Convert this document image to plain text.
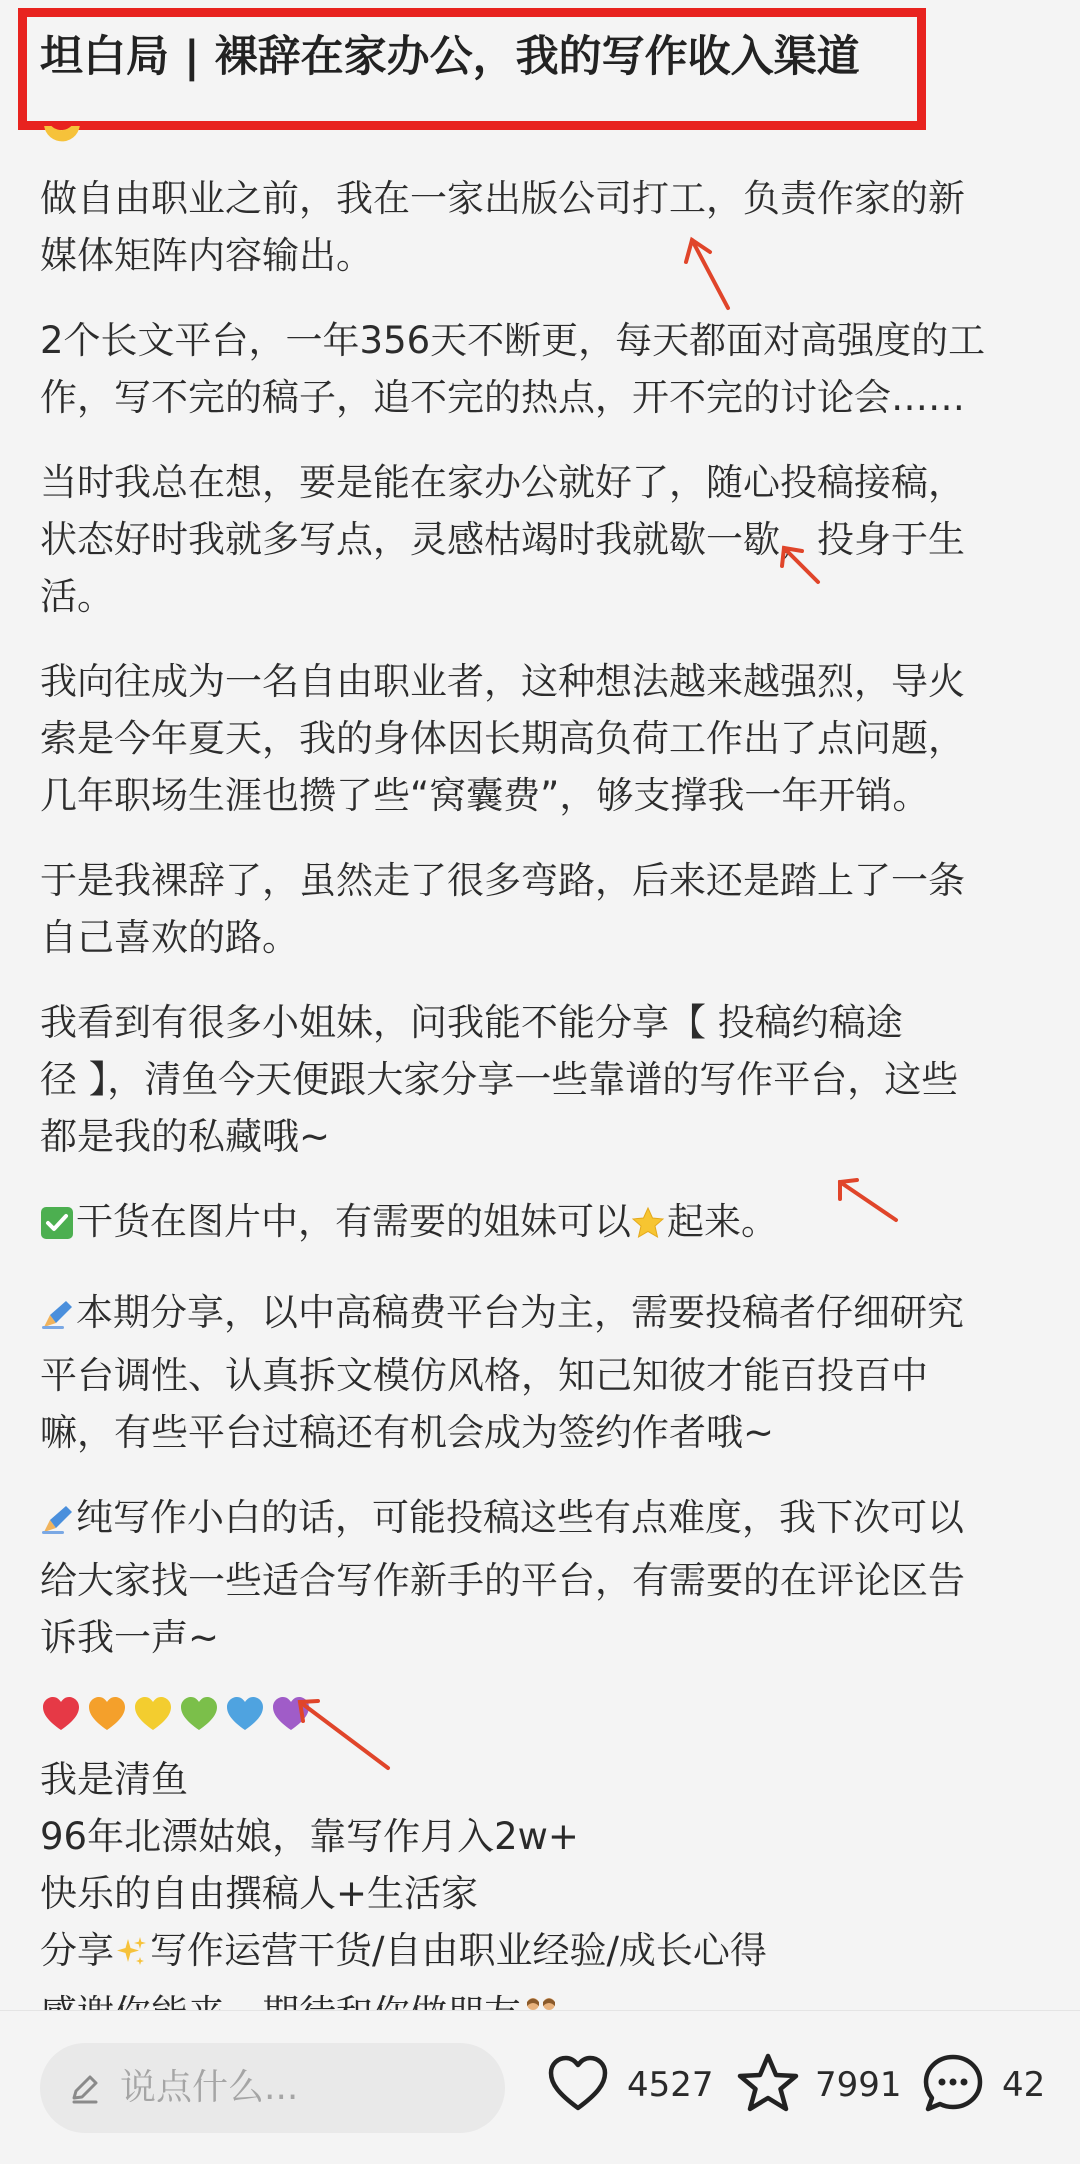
坦白局 | 裸辞在家办公，我的写作收入渠道
做自由职业之前，我在一家出版公司打工，负责作家的新
媒体矩阵内容输出。
2个长文平台，一年356天不断更，每天都面对高强度的工
作，写不完的稿子，追不完的热点，开不完的讨论会……
当时我总在想，要是能在家办公就好了，随心投稿接稿，
状态好时我就多写点，灵感枯竭时我就歇一歇，投身于生
活。
我向往成为一名自由职业者，这种想法越来越强烈，导火
索是今年夏天，我的身体因长期高负荷工作出了点问题，
几年职场生涯也攒了些“窝囊费”，够支撑我一年开销。
于是我裸辞了，虽然走了很多弯路，后来还是踏上了一条
自己喜欢的路。
我看到有很多小姐妹，问我能不能分享【 投稿约稿途
径 】，清鱼今天便跟大家分享一些靠谱的写作平台，这些
都是我的私藏哦~
干货在图片中，有需要的姐妹可以 起来。
本期分享，以中高稿费平台为主，需要投稿者仔细研究
平台调性、认真拆文模仿风格，知己知彼才能百投百中
嘛，有些平台过稿还有机会成为签约作者哦~
纯写作小白的话，可能投稿这些有点难度，我下次可以
给大家找一些适合写作新手的平台，有需要的在评论区告
诉我一声~
我是清鱼
96年北漂姑娘，靠写作月入2w+
快乐的自由撰稿人+生活家
分享 写作运营干货/自由职业经验/成长心得
说点什么...	4527	7991	42
